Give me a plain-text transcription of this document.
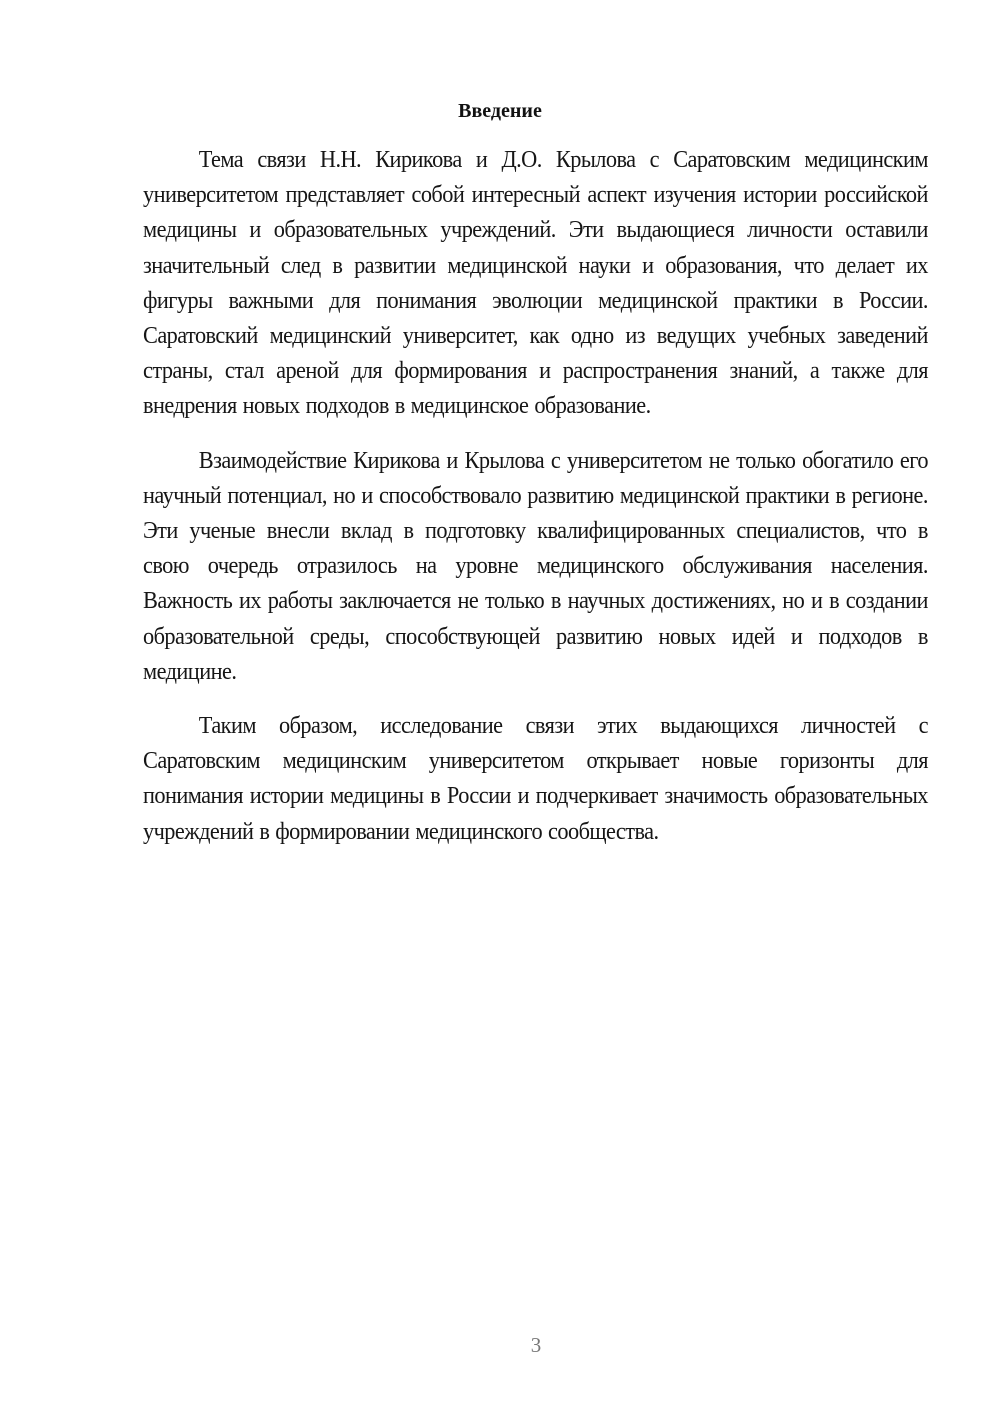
Введение

Тема связи Н.Н. Кирикова и Д.О. Крылова с Саратовским медицинским университетом представляет собой интересный аспект изучения истории российской медицины и образовательных учреждений. Эти выдающиеся личности оставили значительный след в развитии медицинской науки и образования, что делает их фигуры важными для понимания эволюции медицинской практики в России. Саратовский медицинский университет, как одно из ведущих учебных заведений страны, стал ареной для формирования и распространения знаний, а также для внедрения новых подходов в медицинское образование.

Взаимодействие Кирикова и Крылова с университетом не только обогатило его научный потенциал, но и способствовало развитию медицинской практики в регионе. Эти ученые внесли вклад в подготовку квалифицированных специалистов, что в свою очередь отразилось на уровне медицинского обслуживания населения. Важность их работы заключается не только в научных достижениях, но и в создании образовательной среды, способствующей развитию новых идей и подходов в медицине.

Таким образом, исследование связи этих выдающихся личностей с Саратовским медицинским университетом открывает новые горизонты для понимания истории медицины в России и подчеркивает значимость образовательных учреждений в формировании медицинского сообщества.

3
